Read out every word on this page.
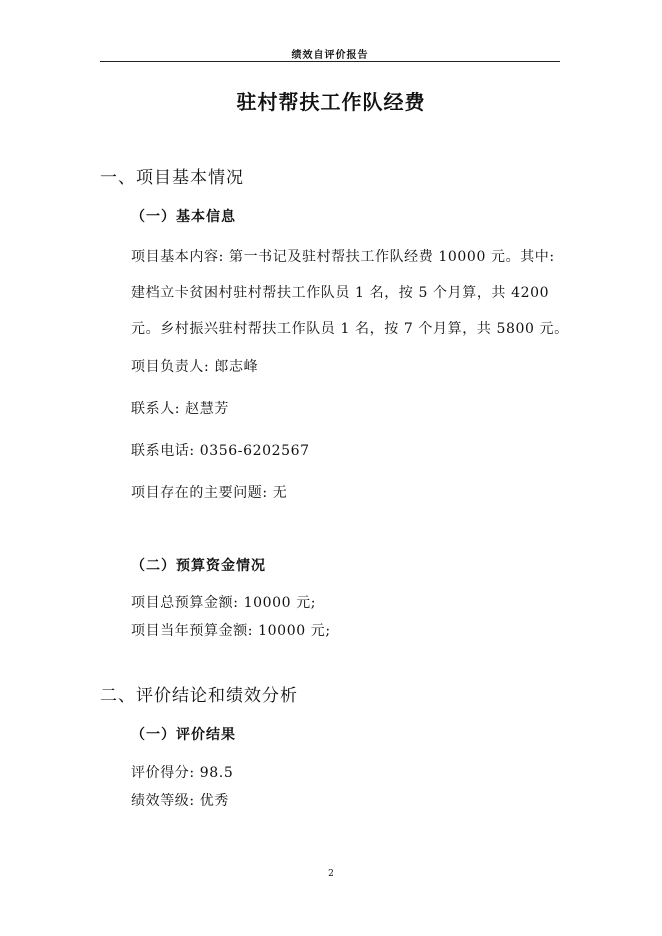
绩效自评价报告
驻村帮扶工作队经费
一、项目基本情况
（一）基本信息
项目基本内容: 第一书记及驻村帮扶工作队经费 10000 元。其中:
建档立卡贫困村驻村帮扶工作队员 1 名，按 5 个月算，共 4200
元。乡村振兴驻村帮扶工作队员 1 名，按 7 个月算，共 5800 元。
项目负责人: 郎志峰
联系人: 赵慧芳
联系电话: 0356-6202567
项目存在的主要问题: 无
（二）预算资金情况
项目总预算金额: 10000 元;
项目当年预算金额: 10000 元;
二、评价结论和绩效分析
（一）评价结果
评价得分: 98.5
绩效等级: 优秀
2
